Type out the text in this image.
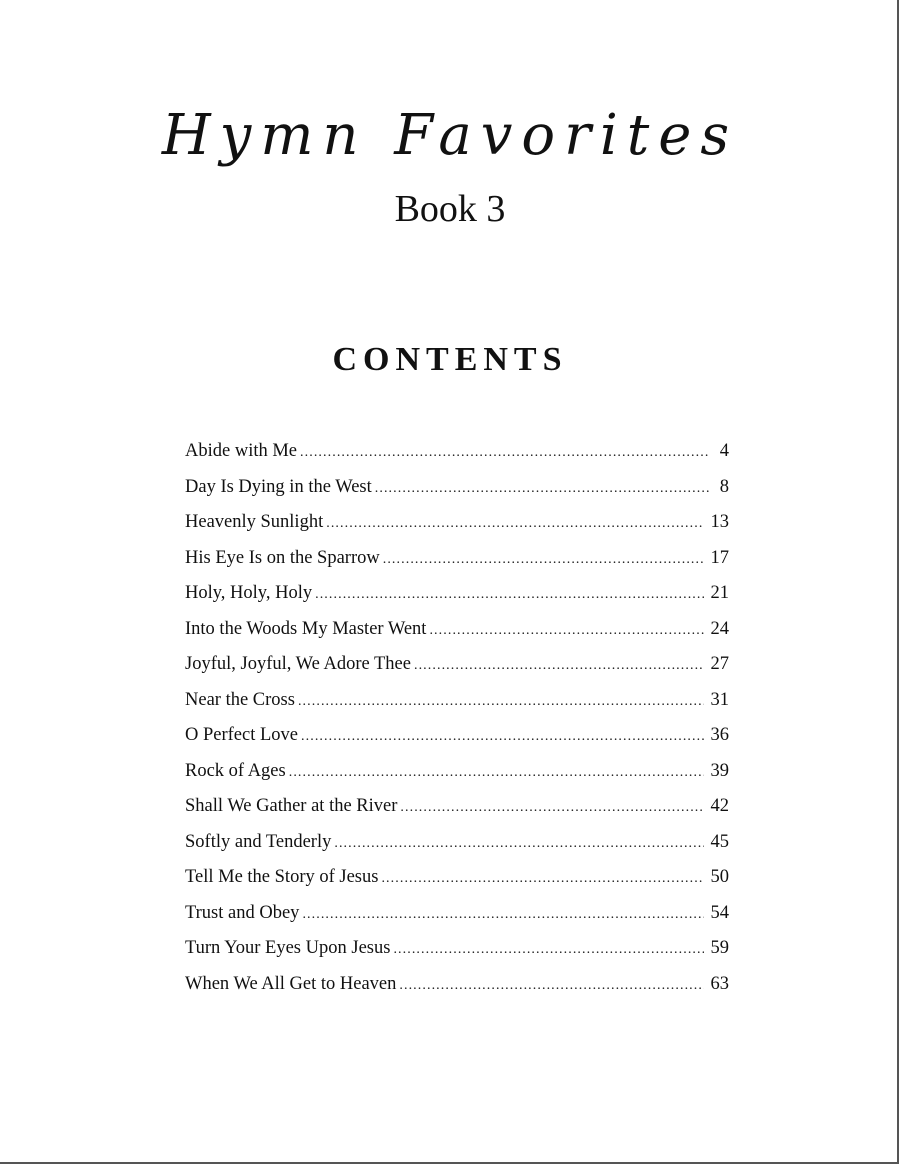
Hymn Favorites
Book 3
CONTENTS
Abide with Me .....	4
Day Is Dying in the West .....	8
Heavenly Sunlight .....	13
His Eye Is on the Sparrow .....	17
Holy, Holy, Holy .....	21
Into the Woods My Master Went .....	24
Joyful, Joyful, We Adore Thee .....	27
Near the Cross .....	31
O Perfect Love .....	36
Rock of Ages .....	39
Shall We Gather at the River .....	42
Softly and Tenderly .....	45
Tell Me the Story of Jesus .....	50
Trust and Obey .....	54
Turn Your Eyes Upon Jesus .....	59
When We All Get to Heaven .....	63
